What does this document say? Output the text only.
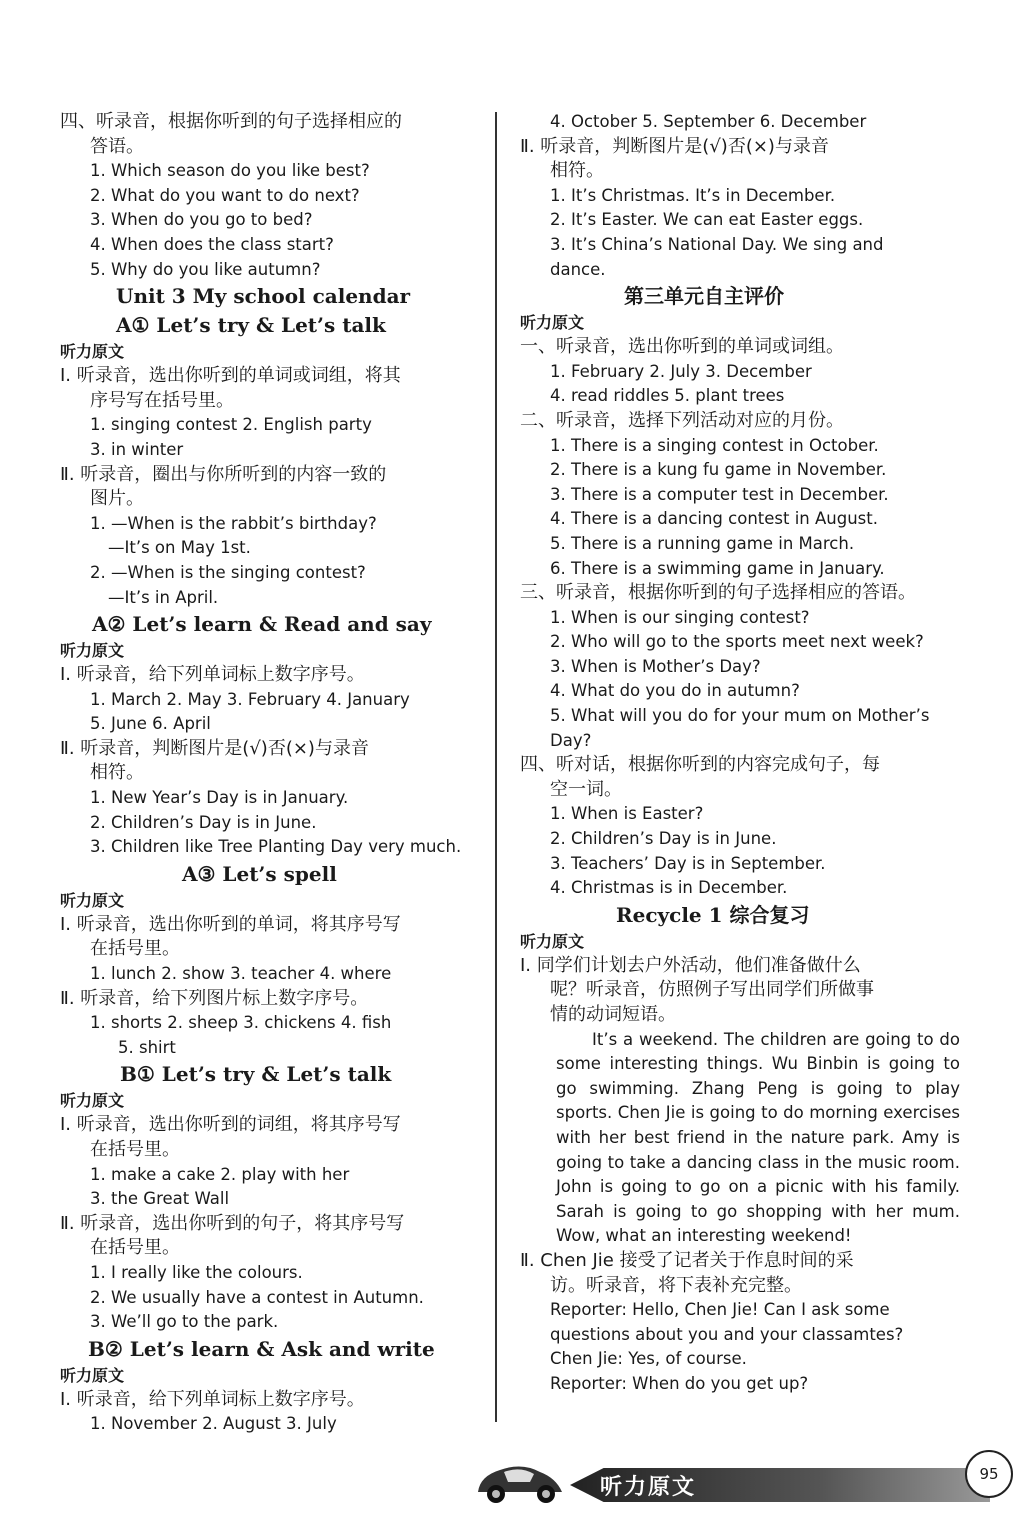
四、听录音，根据你听到的句子选择相应的
答语。
1. Which season do you like best?
2. What do you want to do next?
3. When do you go to bed?
4. When does the class start?
5. Why do you like autumn?
Unit 3 My school calendar
A① Let’s try & Let’s talk
听力原文
Ⅰ. 听录音，选出你听到的单词或词组，将其
序号写在括号里。
1. singing contest 2. English party
3. in winter
Ⅱ. 听录音，圈出与你所听到的内容一致的
图片。
1. —When is the rabbit’s birthday?
—It’s on May 1st.
2. —When is the singing contest?
—It’s in April.
A② Let’s learn & Read and say
听力原文
Ⅰ. 听录音，给下列单词标上数字序号。
1. March 2. May 3. February 4. January
5. June 6. April
Ⅱ. 听录音，判断图片是(√)否(×)与录音
相符。
1. New Year’s Day is in January.
2. Children’s Day is in June.
3. Children like Tree Planting Day very much.
A③ Let’s spell
听力原文
Ⅰ. 听录音，选出你听到的单词，将其序号写
在括号里。
1. lunch 2. show 3. teacher 4. where
Ⅱ. 听录音，给下列图片标上数字序号。
1. shorts 2. sheep 3. chickens 4. fish
5. shirt
B① Let’s try & Let’s talk
听力原文
Ⅰ. 听录音，选出你听到的词组，将其序号写
在括号里。
1. make a cake 2. play with her
3. the Great Wall
Ⅱ. 听录音，选出你听到的句子，将其序号写
在括号里。
1. I really like the colours.
2. We usually have a contest in Autumn.
3. We’ll go to the park.
B② Let’s learn & Ask and write
听力原文
Ⅰ. 听录音，给下列单词标上数字序号。
1. November 2. August 3. July
4. October 5. September 6. December
Ⅱ. 听录音，判断图片是(√)否(×)与录音
相符。
1. It’s Christmas. It’s in December.
2. It’s Easter. We can eat Easter eggs.
3. It’s China’s National Day. We sing and
dance.
第三单元自主评价
听力原文
一、听录音，选出你听到的单词或词组。
1. February 2. July 3. December
4. read riddles 5. plant trees
二、听录音，选择下列活动对应的月份。
1. There is a singing contest in October.
2. There is a kung fu game in November.
3. There is a computer test in December.
4. There is a dancing contest in August.
5. There is a running game in March.
6. There is a swimming game in January.
三、听录音，根据你听到的句子选择相应的答语。
1. When is our singing contest?
2. Who will go to the sports meet next week?
3. When is Mother’s Day?
4. What do you do in autumn?
5. What will you do for your mum on Mother’s
Day?
四、听对话，根据你听到的内容完成句子，每
空一词。
1. When is Easter?
2. Children’s Day is in June.
3. Teachers’ Day is in September.
4. Christmas is in December.
Recycle 1 综合复习
听力原文
Ⅰ. 同学们计划去户外活动，他们准备做什么
呢？听录音，仿照例子写出同学们所做事
情的动词短语。
It’s a weekend. The children are going to do some interesting things. Wu Binbin is going to go swimming. Zhang Peng is going to play sports. Chen Jie is going to do morning exercises with her best friend in the nature park. Amy is going to take a dancing class in the music room. John is going to go on a picnic with his family. Sarah is going to go shopping with her mum. Wow, what an interesting weekend!
Ⅱ. Chen Jie 接受了记者关于作息时间的采
访。听录音，将下表补充完整。
Reporter: Hello, Chen Jie! Can I ask some
questions about you and your classamtes?
Chen Jie: Yes, of course.
Reporter: When do you get up?
听力原文
95
